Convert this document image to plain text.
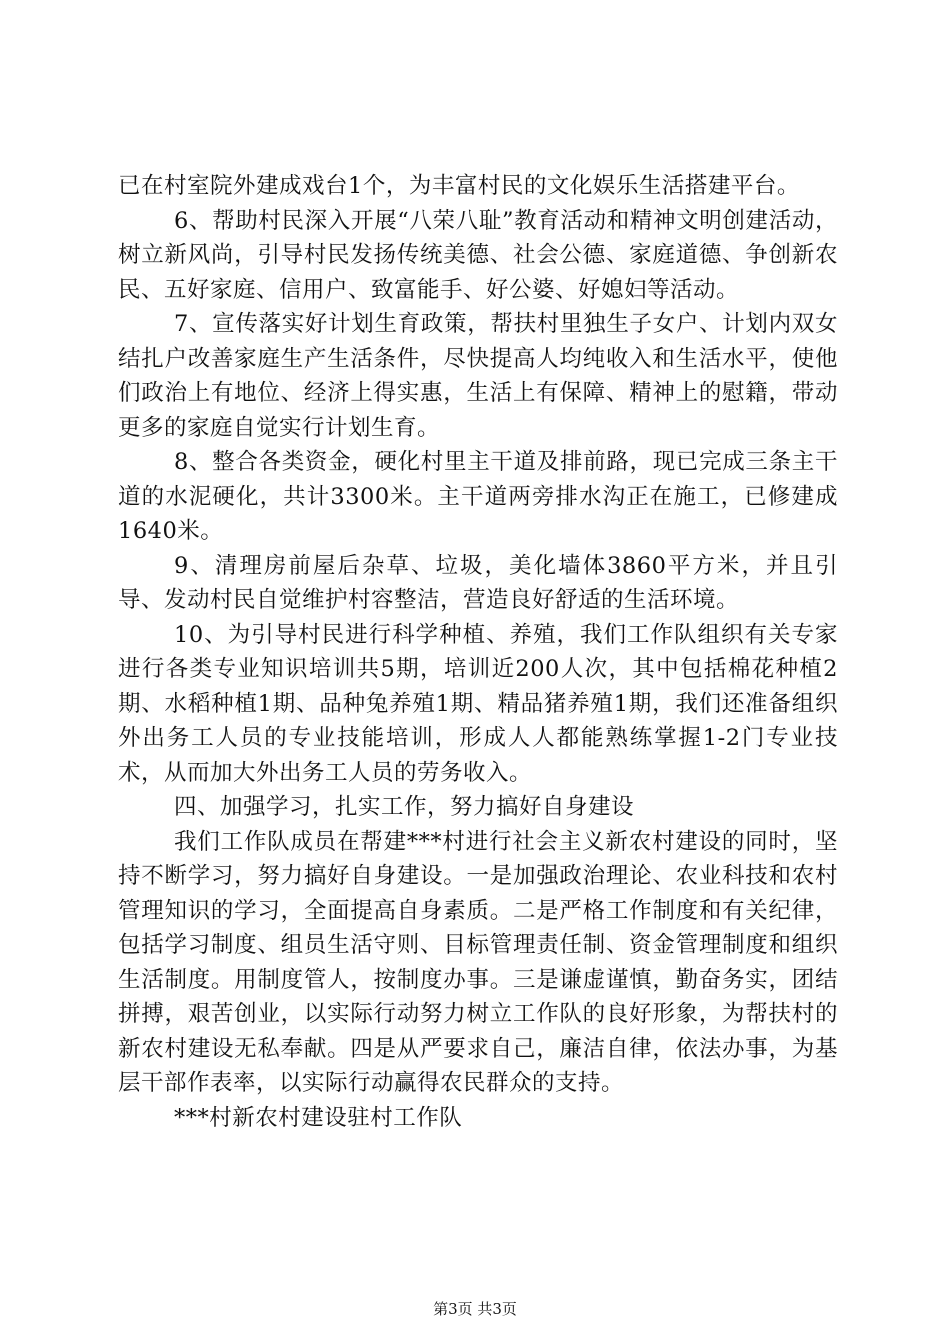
已在村室院外建成戏台1个，为丰富村民的文化娱乐生活搭建平台。

6、帮助村民深入开展“八荣八耻”教育活动和精神文明创建活动，树立新风尚，引导村民发扬传统美德、社会公德、家庭道德、争创新农民、五好家庭、信用户、致富能手、好公婆、好媳妇等活动。

7、宣传落实好计划生育政策，帮扶村里独生子女户、计划内双女结扎户改善家庭生产生活条件，尽快提高人均纯收入和生活水平，使他们政治上有地位、经济上得实惠，生活上有保障、精神上的慰籍，带动更多的家庭自觉实行计划生育。

8、整合各类资金，硬化村里主干道及排前路，现已完成三条主干道的水泥硬化，共计3300米。主干道两旁排水沟正在施工，已修建成1640米。

9、清理房前屋后杂草、垃圾，美化墙体3860平方米，并且引导、发动村民自觉维护村容整洁，营造良好舒适的生活环境。

10、为引导村民进行科学种植、养殖，我们工作队组织有关专家进行各类专业知识培训共5期，培训近200人次，其中包括棉花种植2期、水稻种植1期、品种兔养殖1期、精品猪养殖1期，我们还准备组织外出务工人员的专业技能培训，形成人人都能熟练掌握1-2门专业技术，从而加大外出务工人员的劳务收入。

四、加强学习，扎实工作，努力搞好自身建设

我们工作队成员在帮建***村进行社会主义新农村建设的同时，坚持不断学习，努力搞好自身建设。一是加强政治理论、农业科技和农村管理知识的学习，全面提高自身素质。二是严格工作制度和有关纪律，包括学习制度、组员生活守则、目标管理责任制、资金管理制度和组织生活制度。用制度管人，按制度办事。三是谦虚谨慎，勤奋务实，团结拼搏，艰苦创业，以实际行动努力树立工作队的良好形象，为帮扶村的新农村建设无私奉献。四是从严要求自己，廉洁自律，依法办事，为基层干部作表率，以实际行动赢得农民群众的支持。

***村新农村建设驻村工作队

第3页 共3页
